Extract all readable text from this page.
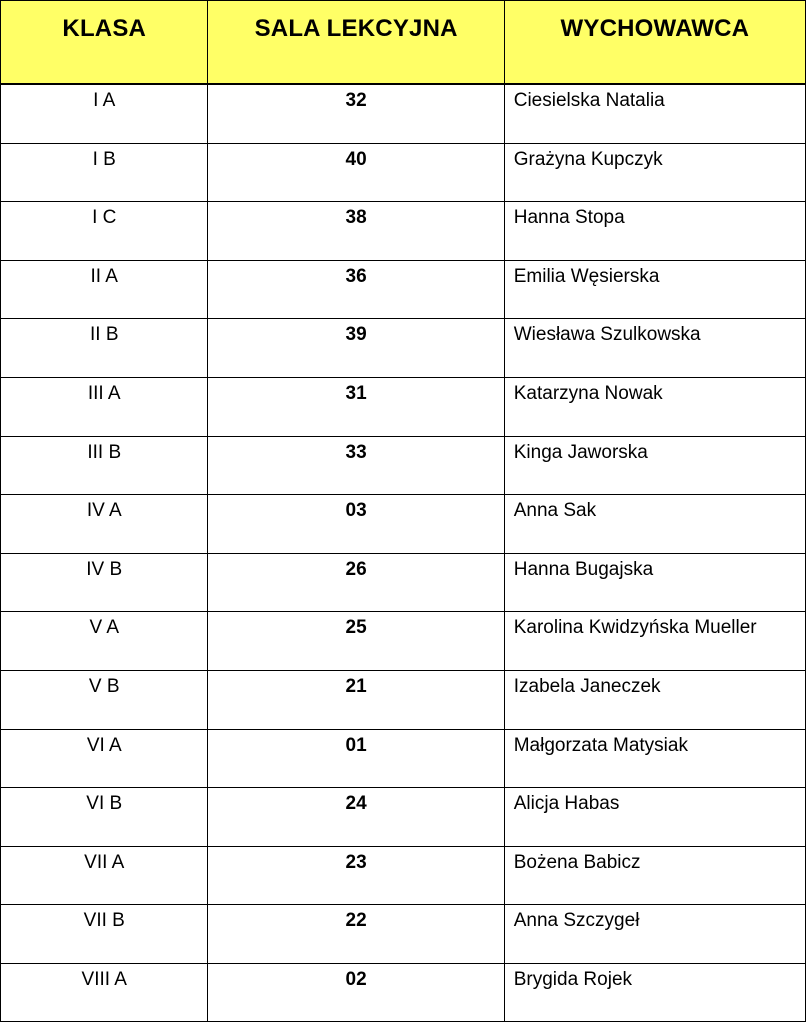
KLASA	SALA LEKCYJNA	WYCHOWAWCA
I A	32	Ciesielska Natalia
I B	40	Grażyna Kupczyk
I C	38	Hanna Stopa
II A	36	Emilia Węsierska
II B	39	Wiesława Szulkowska
III A	31	Katarzyna Nowak
III B	33	Kinga Jaworska
IV A	03	Anna Sak
IV B	26	Hanna Bugajska
V A	25	Karolina Kwidzyńska Mueller
V B	21	Izabela Janeczek
VI A	01	Małgorzata Matysiak
VI B	24	Alicja Habas
VII A	23	Bożena Babicz
VII B	22	Anna Szczygeł
VIII A	02	Brygida Rojek
